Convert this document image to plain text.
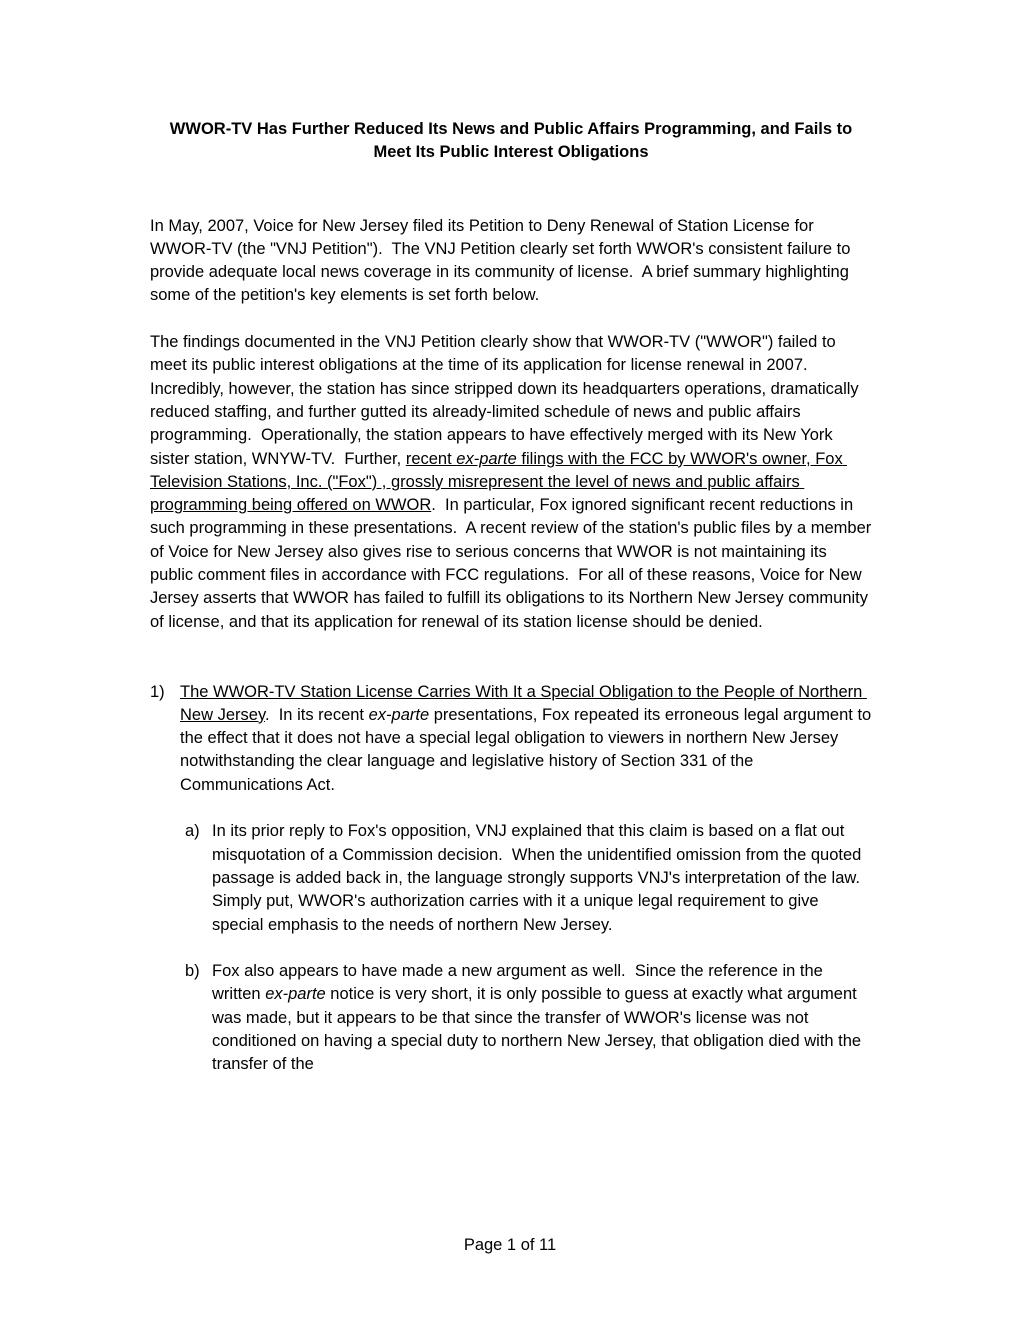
WWOR-TV Has Further Reduced Its News and Public Affairs Programming, and Fails to Meet Its Public Interest Obligations

In May, 2007, Voice for New Jersey filed its Petition to Deny Renewal of Station License for WWOR-TV (the "VNJ Petition").  The VNJ Petition clearly set forth WWOR's consistent failure to provide adequate local news coverage in its community of license.  A brief summary highlighting some of the petition's key elements is set forth below.

The findings documented in the VNJ Petition clearly show that WWOR-TV ("WWOR") failed to meet its public interest obligations at the time of its application for license renewal in 2007.  Incredibly, however, the station has since stripped down its headquarters operations, dramatically reduced staffing, and further gutted its already-limited schedule of news and public affairs programming.  Operationally, the station appears to have effectively merged with its New York sister station, WNYW-TV.  Further, recent ex-parte filings with the FCC by WWOR's owner, Fox Television Stations, Inc. ("Fox") , grossly misrepresent the level of news and public affairs programming being offered on WWOR.  In particular, Fox ignored significant recent reductions in such programming in these presentations.  A recent review of the station's public files by a member of Voice for New Jersey also gives rise to serious concerns that WWOR is not maintaining its public comment files in accordance with FCC regulations.  For all of these reasons, Voice for New Jersey asserts that WWOR has failed to fulfill its obligations to its Northern New Jersey community of license, and that its application for renewal of its station license should be denied.

1) The WWOR-TV Station License Carries With It a Special Obligation to the People of Northern New Jersey.  In its recent ex-parte presentations, Fox repeated its erroneous legal argument to the effect that it does not have a special legal obligation to viewers in northern New Jersey notwithstanding the clear language and legislative history of Section 331 of the Communications Act.
a) In its prior reply to Fox's opposition, VNJ explained that this claim is based on a flat out misquotation of a Commission decision.  When the unidentified omission from the quoted passage is added back in, the language strongly supports VNJ's interpretation of the law.  Simply put, WWOR's authorization carries with it a unique legal requirement to give special emphasis to the needs of northern New Jersey.
b) Fox also appears to have made a new argument as well.  Since the reference in the written ex-parte notice is very short, it is only possible to guess at exactly what argument was made, but it appears to be that since the transfer of WWOR's license was not conditioned on having a special duty to northern New Jersey, that obligation died with the transfer of the
Page 1 of 11
